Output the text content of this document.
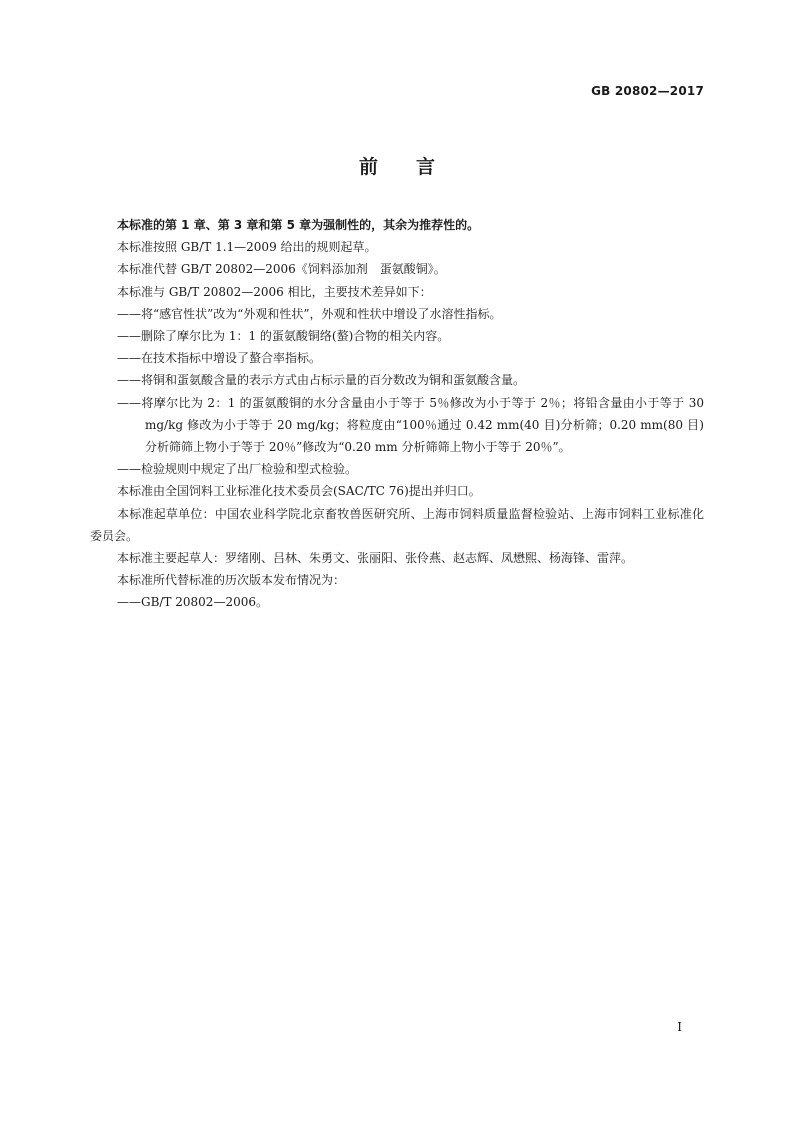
GB 20802—2017
前 言

本标准的第 1 章、第 3 章和第 5 章为强制性的，其余为推荐性的。

本标准按照 GB/T 1.1—2009 给出的规则起草。

本标准代替 GB/T 20802—2006《饲料添加剂　蛋氨酸铜》。

本标准与 GB/T 20802—2006 相比，主要技术差异如下：

——将“感官性状”改为“外观和性状”，外观和性状中增设了水溶性指标。

——删除了摩尔比为 1：1 的蛋氨酸铜络(螯)合物的相关内容。

——在技术指标中增设了螯合率指标。

——将铜和蛋氨酸含量的表示方式由占标示量的百分数改为铜和蛋氨酸含量。

——将摩尔比为 2：1 的蛋氨酸铜的水分含量由小于等于 5％修改为小于等于 2％；将铅含量由小于等于 30 mg/kg 修改为小于等于 20 mg/kg；将粒度由“100％通过 0.42 mm(40 目)分析筛；0.20 mm(80 目)分析筛筛上物小于等于 20％”修改为“0.20 mm 分析筛筛上物小于等于 20％”。

——检验规则中规定了出厂检验和型式检验。

本标准由全国饲料工业标准化技术委员会(SAC/TC 76)提出并归口。

本标准起草单位：中国农业科学院北京畜牧兽医研究所、上海市饲料质量监督检验站、上海市饲料工业标准化委员会。

本标准主要起草人：罗绪刚、吕林、朱勇文、张丽阳、张伶燕、赵志辉、凤懋熙、杨海锋、雷萍。

本标准所代替标准的历次版本发布情况为：

——GB/T 20802—2006。

I
